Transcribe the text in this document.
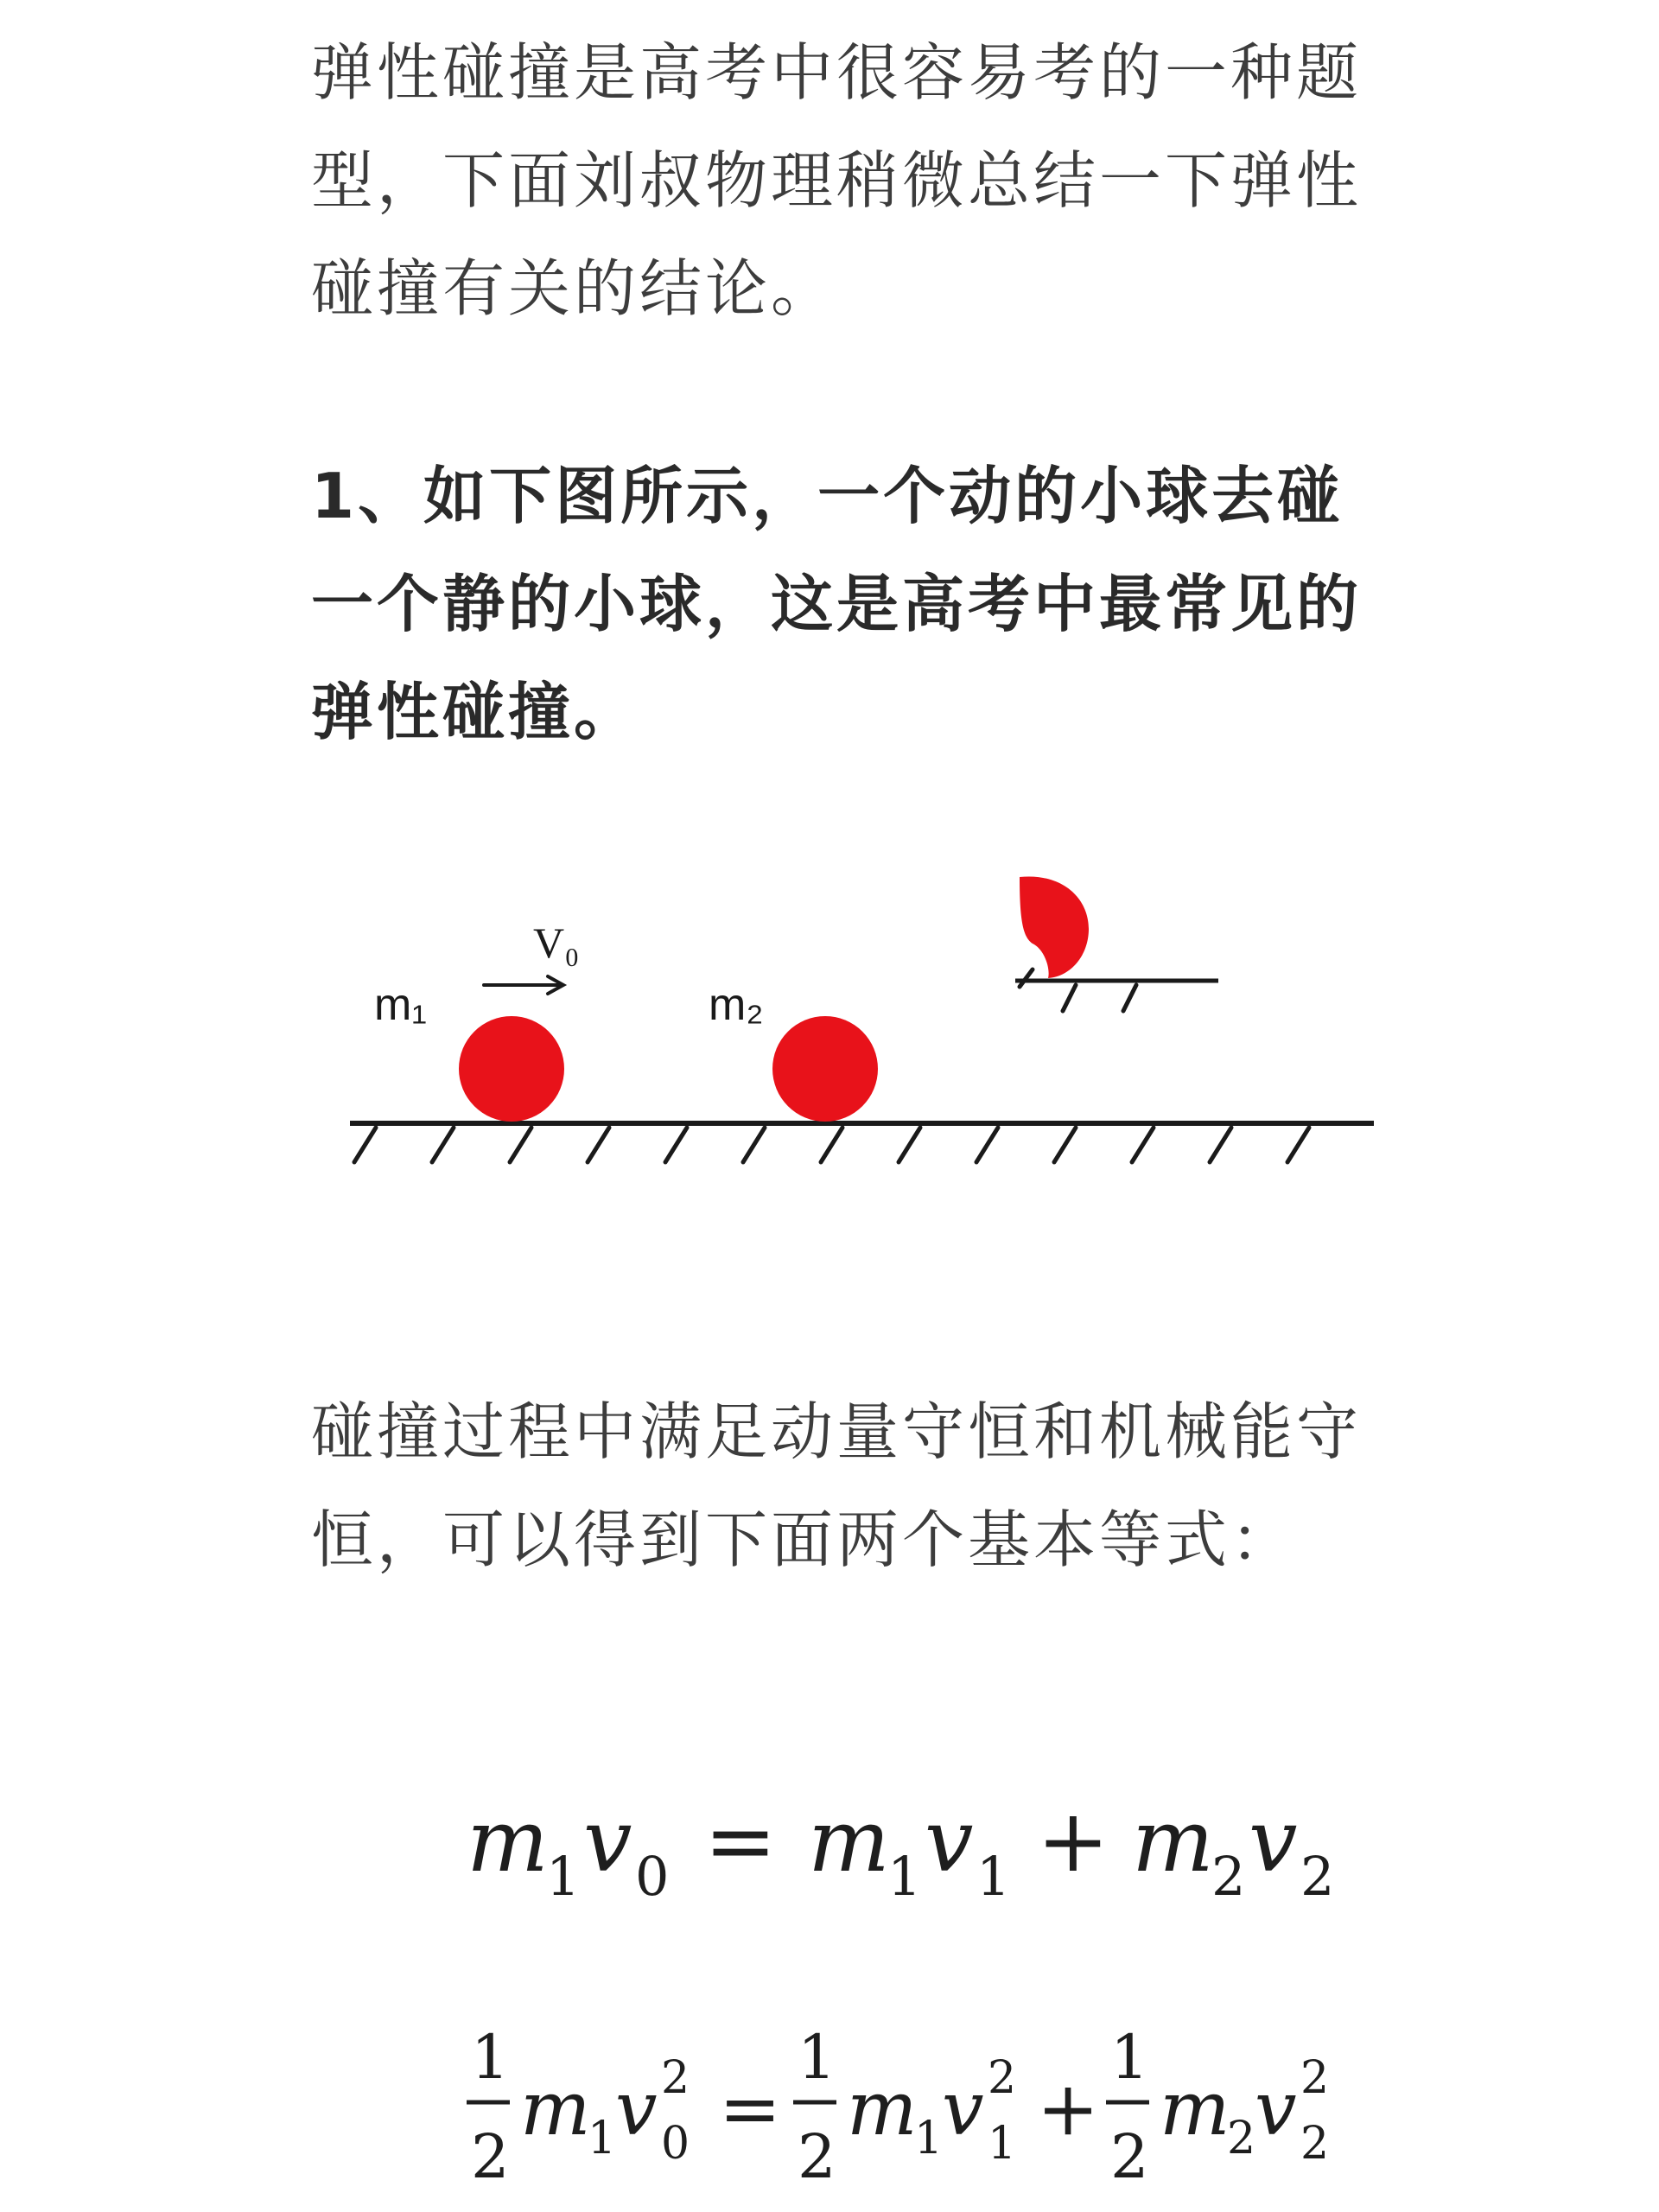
弹性碰撞是高考中很容易考的一种题型，下面刘叔物理稍微总结一下弹性碰撞有关的结论。

1、如下图所示，一个动的小球去碰一个静的小球，这是高考中最常见的弹性碰撞。

m₁
V₀
m₂

碰撞过程中满足动量守恒和机械能守恒，可以得到下面两个基本等式：

m
1 v 0 = m
1 v 1 + m
2 v 2
1
2
m
1
v 2
0 =
1
2
m
1
v 2
1 +
1
2
m
2
v 2
2
